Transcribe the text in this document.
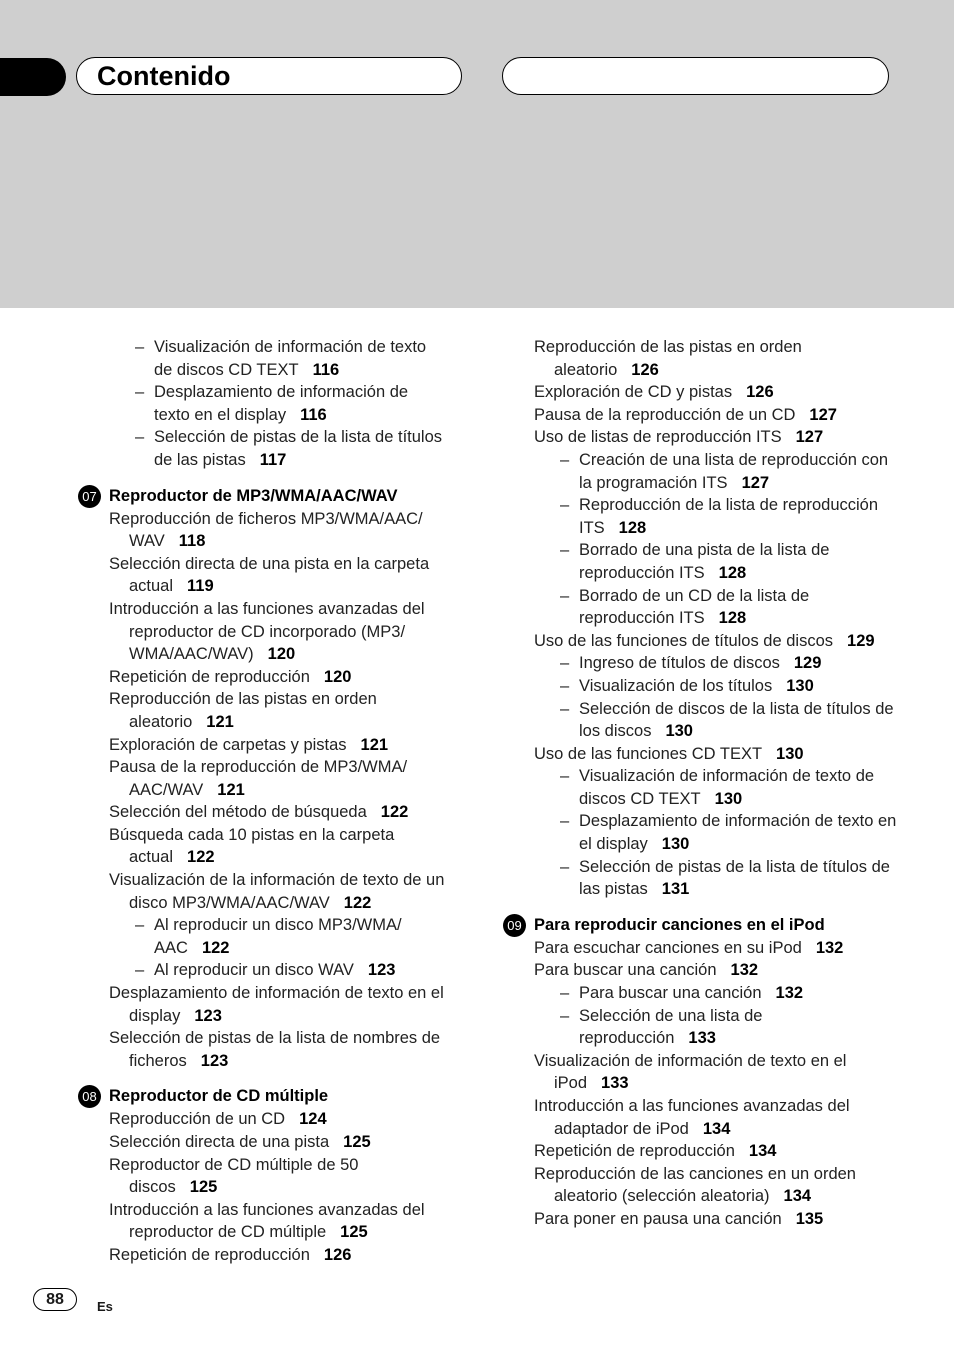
Contenido
– Visualización de información de texto de discos CD TEXT 116
– Desplazamiento de información de texto en el display 116
– Selección de pistas de la lista de títulos de las pistas 117
07 Reproductor de MP3/WMA/AAC/WAV
Reproducción de ficheros MP3/WMA/AAC/ WAV 118
Selección directa de una pista en la carpeta actual 119
Introducción a las funciones avanzadas del reproductor de CD incorporado (MP3/ WMA/AAC/WAV) 120
Repetición de reproducción 120
Reproducción de las pistas en orden aleatorio 121
Exploración de carpetas y pistas 121
Pausa de la reproducción de MP3/WMA/ AAC/WAV 121
Selección del método de búsqueda 122
Búsqueda cada 10 pistas en la carpeta actual 122
Visualización de la información de texto de un disco MP3/WMA/AAC/WAV 122
– Al reproducir un disco MP3/WMA/ AAC 122
– Al reproducir un disco WAV 123
Desplazamiento de información de texto en el display 123
Selección de pistas de la lista de nombres de ficheros 123
08 Reproductor de CD múltiple
Reproducción de un CD 124
Selección directa de una pista 125
Reproductor de CD múltiple de 50 discos 125
Introducción a las funciones avanzadas del reproductor de CD múltiple 125
Repetición de reproducción 126
Reproducción de las pistas en orden aleatorio 126
Exploración de CD y pistas 126
Pausa de la reproducción de un CD 127
Uso de listas de reproducción ITS 127
– Creación de una lista de reproducción con la programación ITS 127
– Reproducción de la lista de reproducción ITS 128
– Borrado de una pista de la lista de reproducción ITS 128
– Borrado de un CD de la lista de reproducción ITS 128
Uso de las funciones de títulos de discos 129
– Ingreso de títulos de discos 129
– Visualización de los títulos 130
– Selección de discos de la lista de títulos de los discos 130
Uso de las funciones CD TEXT 130
– Visualización de información de texto de discos CD TEXT 130
– Desplazamiento de información de texto en el display 130
– Selección de pistas de la lista de títulos de las pistas 131
09 Para reproducir canciones en el iPod
Para escuchar canciones en su iPod 132
Para buscar una canción 132
– Para buscar una canción 132
– Selección de una lista de reproducción 133
Visualización de información de texto en el iPod 133
Introducción a las funciones avanzadas del adaptador de iPod 134
Repetición de reproducción 134
Reproducción de las canciones en un orden aleatorio (selección aleatoria) 134
Para poner en pausa una canción 135
88	Es
